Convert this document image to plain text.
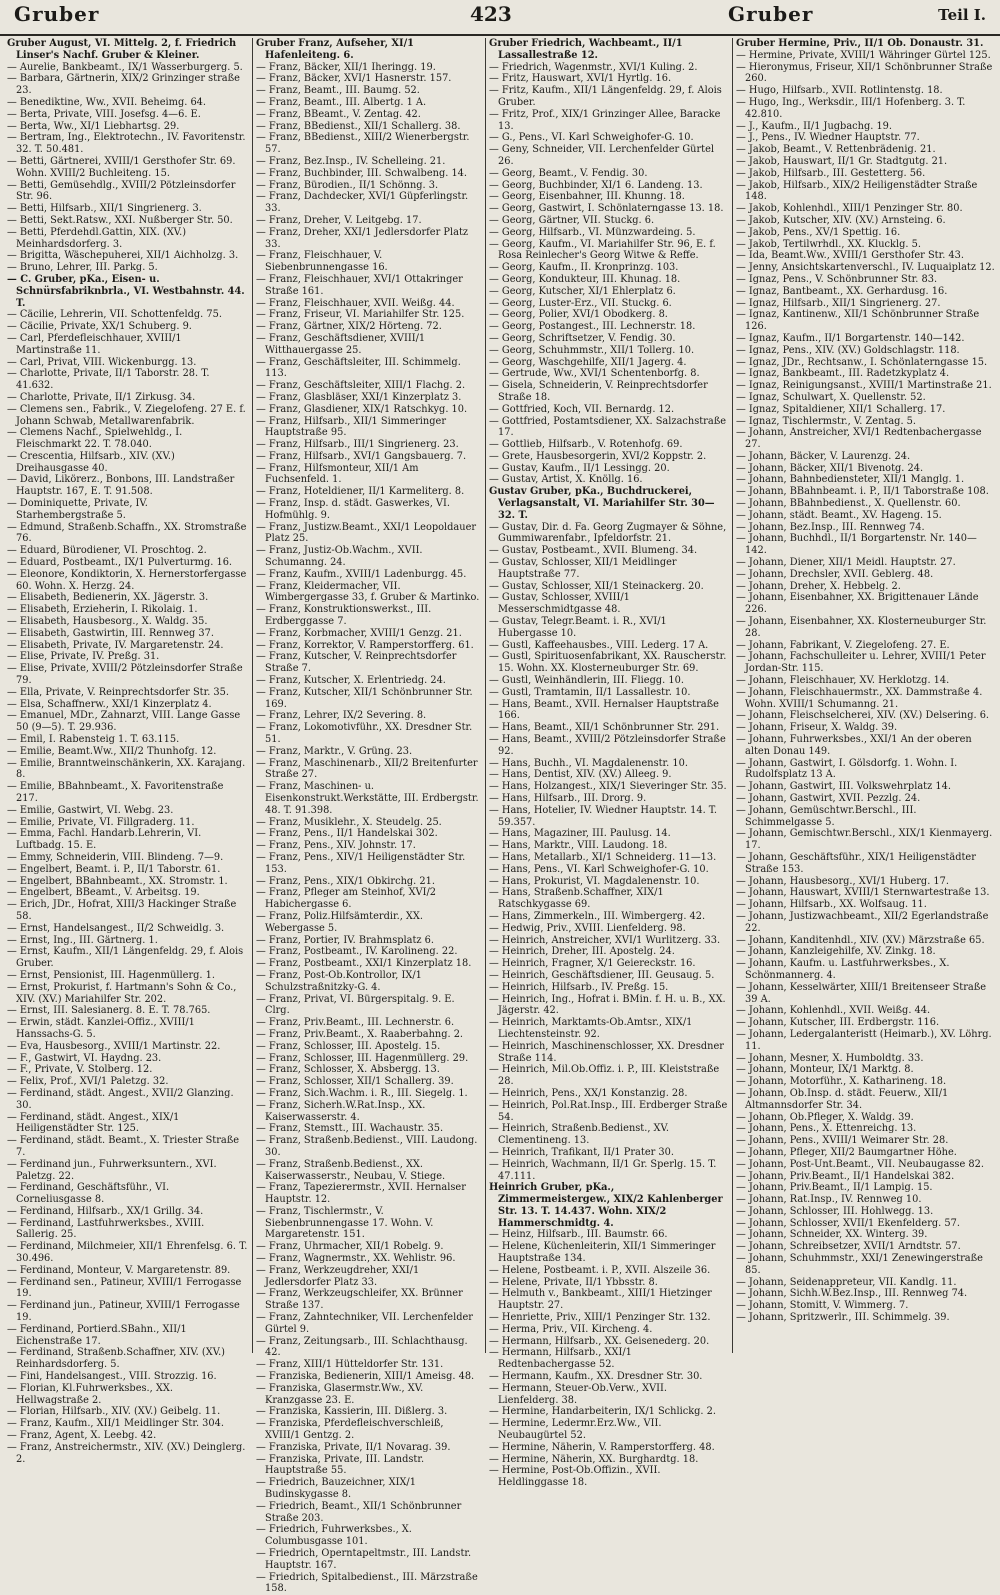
Gruber	423	Gruber	Teil I.

Gruber August, VI. Mittelg. 2, f. Friedrich Linser's Nachf. Gruber & Kleiner.

— Aurelie, Bankbeamt., IX/1 Wasserburgerg. 5.

— Barbara, Gärtnerin, XIX/2 Grinzinger straße 23.

— Benediktine, Ww., XVII. Beheimg. 64.

— Berta, Private, VIII. Josefsg. 4—6. E.

— Berta, Ww., XI/1 Liebhartsg. 29.

— Bertram, Ing., Elektrotechn., IV. Favoritenstr. 32. T. 50.481.

— Betti, Gärtnerei, XVIII/1 Gersthofer Str. 69. Wohn. XVIII/2 Buchleiteng. 15.

— Betti, Gemüsehdlg., XVIII/2 Pötzleinsdorfer Str. 96.

— Betti, Hilfsarb., XII/1 Singrienerg. 3.

— Betti, Sekt.Ratsw., XXI. Nußberger Str. 50.

— Betti, Pferdehdl.Gattin, XIX. (XV.) Meinhardsdorferg. 3.

— Brigitta, Wäschepuherei, XII/1 Aichholzg. 3.

— Bruno, Lehrer, III. Parkg. 5.

— C. Gruber, pKa., Eisen- u. Schnürsfabriknbrla., VI. Westbahnstr. 44. T.

— Cäcilie, Lehrerin, VII. Schottenfeldg. 75.

— Cäcilie, Private, XX/1 Schuberg. 9.

— Carl, Pferdefleischhauer, XVIII/1 Martinstraße 11.

— Carl, Privat, VIII. Wickenburgg. 13.

— Charlotte, Private, II/1 Taborstr. 28. T. 41.632.

— Charlotte, Private, II/1 Zirkusg. 34.

— Clemens sen., Fabrik., V. Ziegelofeng. 27 E. f. Johann Schwab, Metallwarenfabrik.

— Clemens Nachf., Spielwehldg., I. Fleischmarkt 22. T. 78.040.

— Crescentia, Hilfsarb., XIV. (XV.) Dreihausgasse 40.

— David, Likörerz., Bonbons, III. Landstraßer Hauptstr. 167, E. T. 91.508.

— Dominiquette, Private, IV. Starhembergstraße 5.

— Edmund, Straßenb.Schaffn., XX. Stromstraße 76.

— Eduard, Bürodiener, VI. Proschtog. 2.

— Eduard, Postbeamt., IX/1 Pulverturmg. 16.

— Eleonore, Kondiktorin, X. Hernerstorfergasse 60. Wohn. X. Herzg. 24.

— Elisabeth, Bedienerin, XX. Jägerstr. 3.

— Elisabeth, Erzieherin, I. Rikolaig. 1.

— Elisabeth, Hausbesorg., X. Waldg. 35.

— Elisabeth, Gastwirtin, III. Rennweg 37.

— Elisabeth, Private, IV. Margaretenstr. 24.

— Elise, Private, IV. Preßg. 31.

— Elise, Private, XVIII/2 Pötzleinsdorfer Straße 79.

— Ella, Private, V. Reinprechtsdorfer Str. 35.

— Elsa, Schaffnerw., XXI/1 Kinzerplatz 4.

— Emanuel, MDr., Zahnarzt, VIII. Lange Gasse 50 (9—5). T. 29.936.

— Emil, I. Rabensteig 1. T. 63.115.

— Emilie, Beamt.Ww., XII/2 Thunhofg. 12.

— Emilie, Branntweinschänkerin, XX. Karajang. 8.

— Emilie, BBahnbeamt., X. Favoritenstraße 217.

— Emilie, Gastwirt, VI. Webg. 23.

— Emilie, Private, VI. Fillgraderg. 11.

— Emma, Fachl. Handarb.Lehrerin, VI. Luftbadg. 15. E.

— Emmy, Schneiderin, VIII. Blindeng. 7—9.

— Engelbert, Beamt. i. P., II/1 Taborstr. 61.

— Engelbert, BBahnbeamt., XX. Stromstr. 1.

— Engelbert, BBeamt., V. Arbeitsg. 19.

— Erich, JDr., Hofrat, XIII/3 Hackinger Straße 58.

— Ernst, Handelsangest., II/2 Schweidlg. 3.

— Ernst, Ing., III. Gärtnerg. 1.

— Ernst, Kaufm., XII/1 Längenfeldg. 29, f. Alois Gruber.

— Ernst, Pensionist, III. Hagenmüllerg. 1.

— Ernst, Prokurist, f. Hartmann's Sohn & Co., XIV. (XV.) Mariahilfer Str. 202.

— Ernst, III. Salesianerg. 8. E. T. 78.765.

— Erwin, städt. Kanzlei-Offiz., XVIII/1 Hanssachs-G. 5.

— Eva, Hausbesorg., XVIII/1 Martinstr. 22.

— F., Gastwirt, VI. Haydng. 23.

— F., Private, V. Stolberg. 12.

— Felix, Prof., XVI/1 Paletzg. 32.

— Ferdinand, städt. Angest., XVII/2 Glanzing. 30.

— Ferdinand, städt. Angest., XIX/1 Heiligenstädter Str. 125.

— Ferdinand, städt. Beamt., X. Triester Straße 7.

— Ferdinand jun., Fuhrwerksuntern., XVI. Paletzg. 22.

— Ferdinand, Geschäftsführ., VI. Corneliusgasse 8.

— Ferdinand, Hilfsarb., XX/1 Grillg. 34.

— Ferdinand, Lastfuhrwerksbes., XVIII. Sallerig. 25.

— Ferdinand, Milchmeier, XII/1 Ehrenfelsg. 6. T. 30.496.

— Ferdinand, Monteur, V. Margaretenstr. 89.

— Ferdinand sen., Patineur, XVIII/1 Ferrogasse 19.

— Ferdinand jun., Patineur, XVIII/1 Ferrogasse 19.

— Ferdinand, Portierd.SBahn., XII/1 Eichenstraße 17.

— Ferdinand, Straßenb.Schaffner, XIV. (XV.) Reinhardsdorferg. 5.

— Fini, Handelsangest., VIII. Strozzig. 16.

— Florian, Kl.Fuhrwerksbes., XX. Hellwagstraße 2.

— Florian, Hilfsarb., XIV. (XV.) Geibelg. 11.

— Franz, Kaufm., XII/1 Meidlinger Str. 304.

— Franz, Agent, X. Leebg. 42.

— Franz, Anstreichermstr., XIV. (XV.) Deinglerg. 2.

Gruber Franz, Aufseher, XI/1 Hafenleiteng. 6.

— Franz, Bäcker, XII/1 Iheringg. 19.

— Franz, Bäcker, XVI/1 Hasnerstr. 157.

— Franz, Beamt., III. Baumg. 52.

— Franz, Beamt., III. Albertg. 1 A.

— Franz, BBeamt., V. Zentag. 42.

— Franz, BBedienst., XII/1 Schallerg. 38.

— Franz, BBedienst., XIII/2 Wienerbergstr. 57.

— Franz, Bez.Insp., IV. Schelleing. 21.

— Franz, Buchbinder, III. Schwalbeng. 14.

— Franz, Bürodien., II/1 Schönng. 3.

— Franz, Dachdecker, XVI/1 Güpferlingstr. 33.

— Franz, Dreher, V. Leitgebg. 17.

— Franz, Dreher, XXI/1 Jedlersdorfer Platz 33.

— Franz, Fleischhauer, V. Siebenbrunnengasse 16.

— Franz, Fleischhauer, XVI/1 Ottakringer Straße 161.

— Franz, Fleischhauer, XVII. Weißg. 44.

— Franz, Friseur, VI. Mariahilfer Str. 125.

— Franz, Gärtner, XIX/2 Hörteng. 72.

— Franz, Geschäftsdiener, XVIII/1 Witthauergasse 25.

— Franz, Geschäftsleiter, III. Schimmelg. 113.

— Franz, Geschäftsleiter, XIII/1 Flachg. 2.

— Franz, Glasbläser, XXI/1 Kinzerplatz 3.

— Franz, Glasdiener, XIX/1 Ratschkyg. 10.

— Franz, Hilfsarb., XII/1 Simmeringer Hauptstraße 95.

— Franz, Hilfsarb., III/1 Singrienerg. 23.

— Franz, Hilfsarb., XVI/1 Gangsbauerg. 7.

— Franz, Hilfsmonteur, XII/1 Am Fuchsenfeld. 1.

— Franz, Hoteldiener, II/1 Karmeliterg. 8.

— Franz, Insp. d. städt. Gaswerkes, VI. Hofmühlg. 9.

— Franz, Justizw.Beamt., XXI/1 Leopoldauer Platz 25.

— Franz, Justiz-Ob.Wachm., XVII. Schumanng. 24.

— Franz, Kaufm., XVIII/1 Ladenburgg. 45.

— Franz, Kleidermacher, VII. Wimbergergasse 33, f. Gruber & Martinko.

— Franz, Konstruktionswerkst., III. Erdberggasse 7.

— Franz, Korbmacher, XVIII/1 Genzg. 21.

— Franz, Korrektor, V. Ramperstorfferg. 61.

— Franz, Kutscher, V. Reinprechtsdorfer Straße 7.

— Franz, Kutscher, X. Erlentriedg. 24.

— Franz, Kutscher, XII/1 Schönbrunner Str. 169.

— Franz, Lehrer, IX/2 Severing. 8.

— Franz, Lokomotivführ., XX. Dresdner Str. 51.

— Franz, Marktr., V. Grüng. 23.

— Franz, Maschinenarb., XII/2 Breitenfurter Straße 27.

— Franz, Maschinen- u. Eisenkonstrukt.Werkstätte, III. Erdbergstr. 48. T. 91.398.

— Franz, Musiklehr., X. Steudelg. 25.

— Franz, Pens., II/1 Handelskai 302.

— Franz, Pens., XIV. Johnstr. 17.

— Franz, Pens., XIV/1 Heiligenstädter Str. 153.

— Franz, Pens., XIX/1 Obkirchg. 21.

— Franz, Pfleger am Steinhof, XVI/2 Habichergasse 6.

— Franz, Poliz.Hilfsämterdir., XX. Webergasse 5.

— Franz, Portier, IV. Brahmsplatz 6.

— Franz, Postbeamt., IV. Karolineng. 22.

— Franz, Postbeamt., XXI/1 Kinzerplatz 18.

— Franz, Post-Ob.Kontrollor, IX/1 Schulzstraßnitzky-G. 4.

— Franz, Privat, VI. Bürgerspitalg. 9. E. Clrg.

— Franz, Priv.Beamt., III. Lechnerstr. 6.

— Franz, Priv.Beamt., X. Raaberbahng. 2.

— Franz, Schlosser, III. Apostelg. 15.

— Franz, Schlosser, III. Hagenmüllerg. 29.

— Franz, Schlosser, X. Absbergg. 13.

— Franz, Schlosser, XII/1 Schallerg. 39.

— Franz, Sich.Wachm. i. R., III. Siegelg. 1.

— Franz, Sicherh.W.Rat.Insp., XX. Kaiserwasserstr. 4.

— Franz, Stemstt., III. Wachaustr. 35.

— Franz, Straßenb.Bedienst., VIII. Laudong. 30.

— Franz, Straßenb.Bedienst., XX. Kaiserwasserstr., Neubau, V. Stiege.

— Franz, Tapezierermstr., XVII. Hernalser Hauptstr. 12.

— Franz, Tischlermstr., V. Siebenbrunnengasse 17. Wohn. V. Margaretenstr. 151.

— Franz, Uhrmacher, XII/1 Robelg. 9.

— Franz, Wagnermstr., XX. Wehlistr. 96.

— Franz, Werkzeugdreher, XXI/1 Jedlersdorfer Platz 33.

— Franz, Werkzeugschleifer, XX. Brünner Straße 137.

— Franz, Zahntechniker, VII. Lerchenfelder Gürtel 9.

— Franz, Zeitungsarb., III. Schlachthausg. 42.

— Franz, XIII/1 Hütteldorfer Str. 131.

— Franziska, Bedienerin, XIII/1 Ameisg. 48.

— Franziska, Glasermstr.Ww., XV. Kranzgasse 23. E.

— Franziska, Kassierin, III. Dißlerg. 3.

— Franziska, Pferdefleischverschleiß, XVIII/1 Gentzg. 2.

— Franziska, Private, II/1 Novarag. 39.

— Franziska, Private, III. Landstr. Hauptstraße 55.

— Friedrich, Bauzeichner, XIX/1 Budinskygasse 8.

— Friedrich, Beamt., XII/1 Schönbrunner Straße 203.

— Friedrich, Fuhrwerksbes., X. Columbusgasse 101.

— Friedrich, Operntapeltmstr., III. Landstr. Hauptstr. 167.

— Friedrich, Spitalbedienst., III. Märzstraße 158.

Gruber Friedrich, Wachbeamt., II/1 Lassallestraße 12.

— Friedrich, Wagenmstr., XVI/1 Kuling. 2.

— Fritz, Hauswart, XVI/1 Hyrtlg. 16.

— Fritz, Kaufm., XII/1 Längenfeldg. 29, f. Alois Gruber.

— Fritz, Prof., XIX/1 Grinzinger Allee, Baracke 13.

— G., Pens., VI. Karl Schweighofer-G. 10.

— Geny, Schneider, VII. Lerchenfelder Gürtel 26.

— Georg, Beamt., V. Fendig. 30.

— Georg, Buchbinder, XI/1 6. Landeng. 13.

— Georg, Eisenbahner, III. Khunng. 18.

— Georg, Gastwirt, I. Schönlaterngasse 13. 18.

— Georg, Gärtner, VII. Stuckg. 6.

— Georg, Hilfsarb., VI. Münzwardeing. 5.

— Georg, Kaufm., VI. Mariahilfer Str. 96, E. f. Rosa Reinlecher's Georg Witwe & Reffe.

— Georg, Kaufm., II. Kronprinzg. 103.

— Georg, Kondukteur, III. Khunag. 18.

— Georg, Kutscher, XI/1 Ehlerplatz 6.

— Georg, Luster-Erz., VII. Stuckg. 6.

— Georg, Polier, XVI/1 Obodkerg. 8.

— Georg, Postangest., III. Lechnerstr. 18.

— Georg, Schriftsetzer, V. Fendig. 30.

— Georg, Schuhmmstr., XII/1 Tollerg. 10.

— Georg, Waschgehilfe, XII/1 Jagerg. 4.

— Gertrude, Ww., XVI/1 Schentenborfg. 8.

— Gisela, Schneiderin, V. Reinprechtsdorfer Straße 18.

— Gottfried, Koch, VII. Bernardg. 12.

— Gottfried, Postamtsdiener, XX. Salzachstraße 17.

— Gottlieb, Hilfsarb., V. Rotenhofg. 69.

— Grete, Hausbesorgerin, XVI/2 Koppstr. 2.

— Gustav, Kaufm., II/1 Lessingg. 20.

— Gustav, Artist, X. Knöllg. 16.

Gustav Gruber, pKa., Buchdruckerei, Verlagsanstalt, VI. Mariahilfer Str. 30—32. T.

— Gustav, Dir. d. Fa. Georg Zugmayer & Söhne, Gummiwarenfabr., Ipfeldorfstr. 21.

— Gustav, Postbeamt., XVII. Blumeng. 34.

— Gustav, Schlosser, XII/1 Meidlinger Hauptstraße 77.

— Gustav, Schlosser, XII/1 Steinackerg. 20.

— Gustav, Schlosser, XVIII/1 Messerschmidtgasse 48.

— Gustav, Telegr.Beamt. i. R., XVI/1 Hubergasse 10.

— Gustl, Kaffeehausbes., VIII. Lederg. 17 A.

— Gustl, Spirituosenfabrikant, XX. Rauscherstr. 15. Wohn. XX. Klosterneuburger Str. 69.

— Gustl, Weinhändlerin, III. Fliegg. 10.

— Gustl, Tramtamin, II/1 Lassallestr. 10.

— Hans, Beamt., XVII. Hernalser Hauptstraße 166.

— Hans, Beamt., XII/1 Schönbrunner Str. 291.

— Hans, Beamt., XVIII/2 Pötzleinsdorfer Straße 92.

— Hans, Buchh., VI. Magdalenenstr. 10.

— Hans, Dentist, XIV. (XV.) Alleeg. 9.

— Hans, Holzangest., XIX/1 Sieveringer Str. 35.

— Hans, Hilfsarb., III. Drorg. 9.

— Hans, Hotelier, IV. Wiedner Hauptstr. 14. T. 59.357.

— Hans, Magaziner, III. Paulusg. 14.

— Hans, Marktr., VIII. Laudong. 18.

— Hans, Metallarb., XI/1 Schneiderg. 11—13.

— Hans, Pens., VI. Karl Schweighofer-G. 10.

— Hans, Prokurist, VI. Magdalenenstr. 10.

— Hans, Straßenb.Schaffner, XIX/1 Ratschkygasse 69.

— Hans, Zimmerkeln., III. Wimbergerg. 42.

— Hedwig, Priv., XVIII. Lienfelderg. 98.

— Heinrich, Anstreicher, XVI/1 Wurlitzerg. 33.

— Heinrich, Dreher, III. Apostelg. 24.

— Heinrich, Fragner, X/1 Geiereckstr. 16.

— Heinrich, Geschäftsdiener, III. Geusaug. 5.

— Heinrich, Hilfsarb., IV. Preßg. 15.

— Heinrich, Ing., Hofrat i. BMin. f. H. u. B., XX. Jägerstr. 42.

— Heinrich, Marktamts-Ob.Amtsr., XIX/1 Liechtensteinstr. 92.

— Heinrich, Maschinenschlosser, XX. Dresdner Straße 114.

— Heinrich, Mil.Ob.Offiz. i. P., III. Kleiststraße 28.

— Heinrich, Pens., XX/1 Konstanzig. 28.

— Heinrich, Pol.Rat.Insp., III. Erdberger Straße 54.

— Heinrich, Straßenb.Bedienst., XV. Clementineng. 13.

— Heinrich, Trafikant, II/1 Prater 30.

— Heinrich, Wachmann, II/1 Gr. Sperlg. 15. T. 47.111.

Heinrich Gruber, pKa., Zimmermeistergew., XIX/2 Kahlenberger Str. 13. T. 14.437. Wohn. XIX/2 Hammerschmidtg. 4.

— Heinz, Hilfsarb., III. Baumstr. 66.

— Helene, Küchenleiterin, XII/1 Simmeringer Hauptstraße 134.

— Helene, Postbeamt. i. P., XVII. Alszeile 36.

— Helene, Private, II/1 Ybbsstr. 8.

— Helmuth v., Bankbeamt., XIII/1 Hietzinger Hauptstr. 27.

— Henriette, Priv., XIII/1 Penzinger Str. 132.

— Herma, Priv., VII. Kircheng. 4.

— Hermann, Hilfsarb., XX. Geisenederg. 20.

— Hermann, Hilfsarb., XXI/1 Redtenbachergasse 52.

— Hermann, Kaufm., XX. Dresdner Str. 30.

— Hermann, Steuer-Ob.Verw., XVII. Lienfelderg. 38.

— Hermine, Handarbeiterin, IX/1 Schlickg. 2.

— Hermine, Ledermr.Erz.Ww., VII. Neubaugürtel 52.

— Hermine, Näherin, V. Ramperstorfferg. 48.

— Hermine, Näherin, XX. Burghardtg. 18.

— Hermine, Post-Ob.Offizin., XVII. Heldlinggasse 18.

Gruber Hermine, Priv., II/1 Ob. Donaustr. 31.

— Hermine, Private, XVIII/1 Währinger Gürtel 125.

— Hieronymus, Friseur, XII/1 Schönbrunner Straße 260.

— Hugo, Hilfsarb., XVII. Rotlintenstg. 18.

— Hugo, Ing., Werksdir., III/1 Hofenberg. 3. T. 42.810.

— J., Kaufm., II/1 Jugbachg. 19.

— J., Pens., IV. Wiedner Hauptstr. 77.

— Jakob, Beamt., V. Rettenbrädenig. 21.

— Jakob, Hauswart, II/1 Gr. Stadtgutg. 21.

— Jakob, Hilfsarb., III. Gestetterg. 56.

— Jakob, Hilfsarb., XIX/2 Heiligenstädter Straße 148.

— Jakob, Kohlenhdl., XIII/1 Penzinger Str. 80.

— Jakob, Kutscher, XIV. (XV.) Arnsteing. 6.

— Jakob, Pens., XV/1 Spettig. 16.

— Jakob, Tertilwrhdl., XX. Klucklg. 5.

— Ida, Beamt.Ww., XVIII/1 Gersthofer Str. 43.

— Jenny, Ansichtskartenverschl., IV. Luquaiplatz 12.

— Ignaz, Pens., V. Schönbrunner Str. 83.

— Ignaz, Bantbeamt., XX. Gerhardusg. 16.

— Ignaz, Hilfsarb., XII/1 Singrienerg. 27.

— Ignaz, Kantinenw., XII/1 Schönbrunner Straße 126.

— Ignaz, Kaufm., II/1 Borgartenstr. 140—142.

— Ignaz, Pens., XIV. (XV.) Goldschlagstr. 118.

— Ignaz, JDr., Rechtsanw., I. Schönlaterngasse 15.

— Ignaz, Bankbeamt., III. Radetzkyplatz 4.

— Ignaz, Reinigungsanst., XVIII/1 Martinstraße 21.

— Ignaz, Schulwart, X. Quellenstr. 52.

— Ignaz, Spitaldiener, XII/1 Schallerg. 17.

— Ignaz, Tischlermstr., V. Zentag. 5.

— Johann, Anstreicher, XVI/1 Redtenbachergasse 27.

— Johann, Bäcker, V. Laurenzg. 24.

— Johann, Bäcker, XII/1 Bivenotg. 24.

— Johann, Bahnbediensteter, XII/1 Manglg. 1.

— Johann, BBahnbeamt. i. P., II/1 Taborstraße 108.

— Johann, BBahnbedienst., X. Quellenstr. 60.

— Johann, städt. Beamt., XV. Hageng. 15.

— Johann, Bez.Insp., III. Rennweg 74.

— Johann, Buchhdl., II/1 Borgartenstr. Nr. 140—142.

— Johann, Diener, XII/1 Meidl. Hauptstr. 27.

— Johann, Drechsler, XVII. Geblerg. 48.

— Johann, Dreher, X. Hebbelg. 2.

— Johann, Eisenbahner, XX. Brigittenauer Lände 226.

— Johann, Eisenbahner, XX. Klosterneuburger Str. 28.

— Johann, Fabrikant, V. Ziegelofeng. 27. E.

— Johann, Fachschulleiter u. Lehrer, XVIII/1 Peter Jordan-Str. 115.

— Johann, Fleischhauer, XV. Herklotzg. 14.

— Johann, Fleischhauermstr., XX. Dammstraße 4. Wohn. XVIII/1 Schumanng. 21.

— Johann, Fleischselcherei, XIV. (XV.) Delsering. 6.

— Johann, Friseur, X. Waldg. 39.

— Johann, Fuhrwerksbes., XXI/1 An der oberen alten Donau 149.

— Johann, Gastwirt, I. Gölsdorfg. 1. Wohn. I. Rudolfsplatz 13 A.

— Johann, Gastwirt, III. Volkswehrplatz 14.

— Johann, Gastwirt, XVII. Pezzlg. 24.

— Johann, Gemüschtwr.Berschl., III. Schimmelgasse 5.

— Johann, Gemischtwr.Berschl., XIX/1 Kienmayerg. 17.

— Johann, Geschäftsführ., XIX/1 Heiligenstädter Straße 153.

— Johann, Hausbesorg., XVI/1 Huberg. 17.

— Johann, Hauswart, XVIII/1 Sternwartestraße 13.

— Johann, Hilfsarb., XX. Wolfsaug. 11.

— Johann, Justizwachbeamt., XII/2 Egerlandstraße 22.

— Johann, Kanditenhdl., XIV. (XV.) Märzstraße 65.

— Johann, Kanzleigehilfe, XV. Zinkg. 18.

— Johann, Kaufm. u. Lastfuhrwerksbes., X. Schönmannerg. 4.

— Johann, Kesselwärter, XIII/1 Breitenseer Straße 39 A.

— Johann, Kohlenhdl., XVII. Weißg. 44.

— Johann, Kutscher, III. Erdbergstr. 116.

— Johann, Ledergalanteristt (Heimarb.), XV. Löhrg. 11.

— Johann, Mesner, X. Humboldtg. 33.

— Johann, Monteur, IX/1 Marktg. 8.

— Johann, Motorführ., X. Katharineng. 18.

— Johann, Ob.Insp. d. städt. Feuerw., XII/1 Altmannsdorfer Str. 34.

— Johann, Ob.Pfleger, X. Waldg. 39.

— Johann, Pens., X. Ettenreichg. 13.

— Johann, Pens., XVIII/1 Weimarer Str. 28.

— Johann, Pfleger, XII/2 Baumgartner Höhe.

— Johann, Post-Unt.Beamt., VII. Neubaugasse 82.

— Johann, Priv.Beamt., II/1 Handelskai 382.

— Johann, Priv.Beamt., II/1 Lampig. 15.

— Johann, Rat.Insp., IV. Rennweg 10.

— Johann, Schlosser, III. Hohlwegg. 13.

— Johann, Schlosser, XVII/1 Ekenfelderg. 57.

— Johann, Schneider, XX. Winterg. 39.

— Johann, Schreibsetzer, XVII/1 Arndtstr. 57.

— Johann, Schuhmmstr., XXI/1 Zenewingerstraße 85.

— Johann, Seidenappreteur, VII. Kandlg. 11.

— Johann, Sichh.W.Bez.Insp., III. Rennweg 74.

— Johann, Stomitt, V. Wimmerg. 7.

— Johann, Spritzwerlr., III. Schimmelg. 39.
